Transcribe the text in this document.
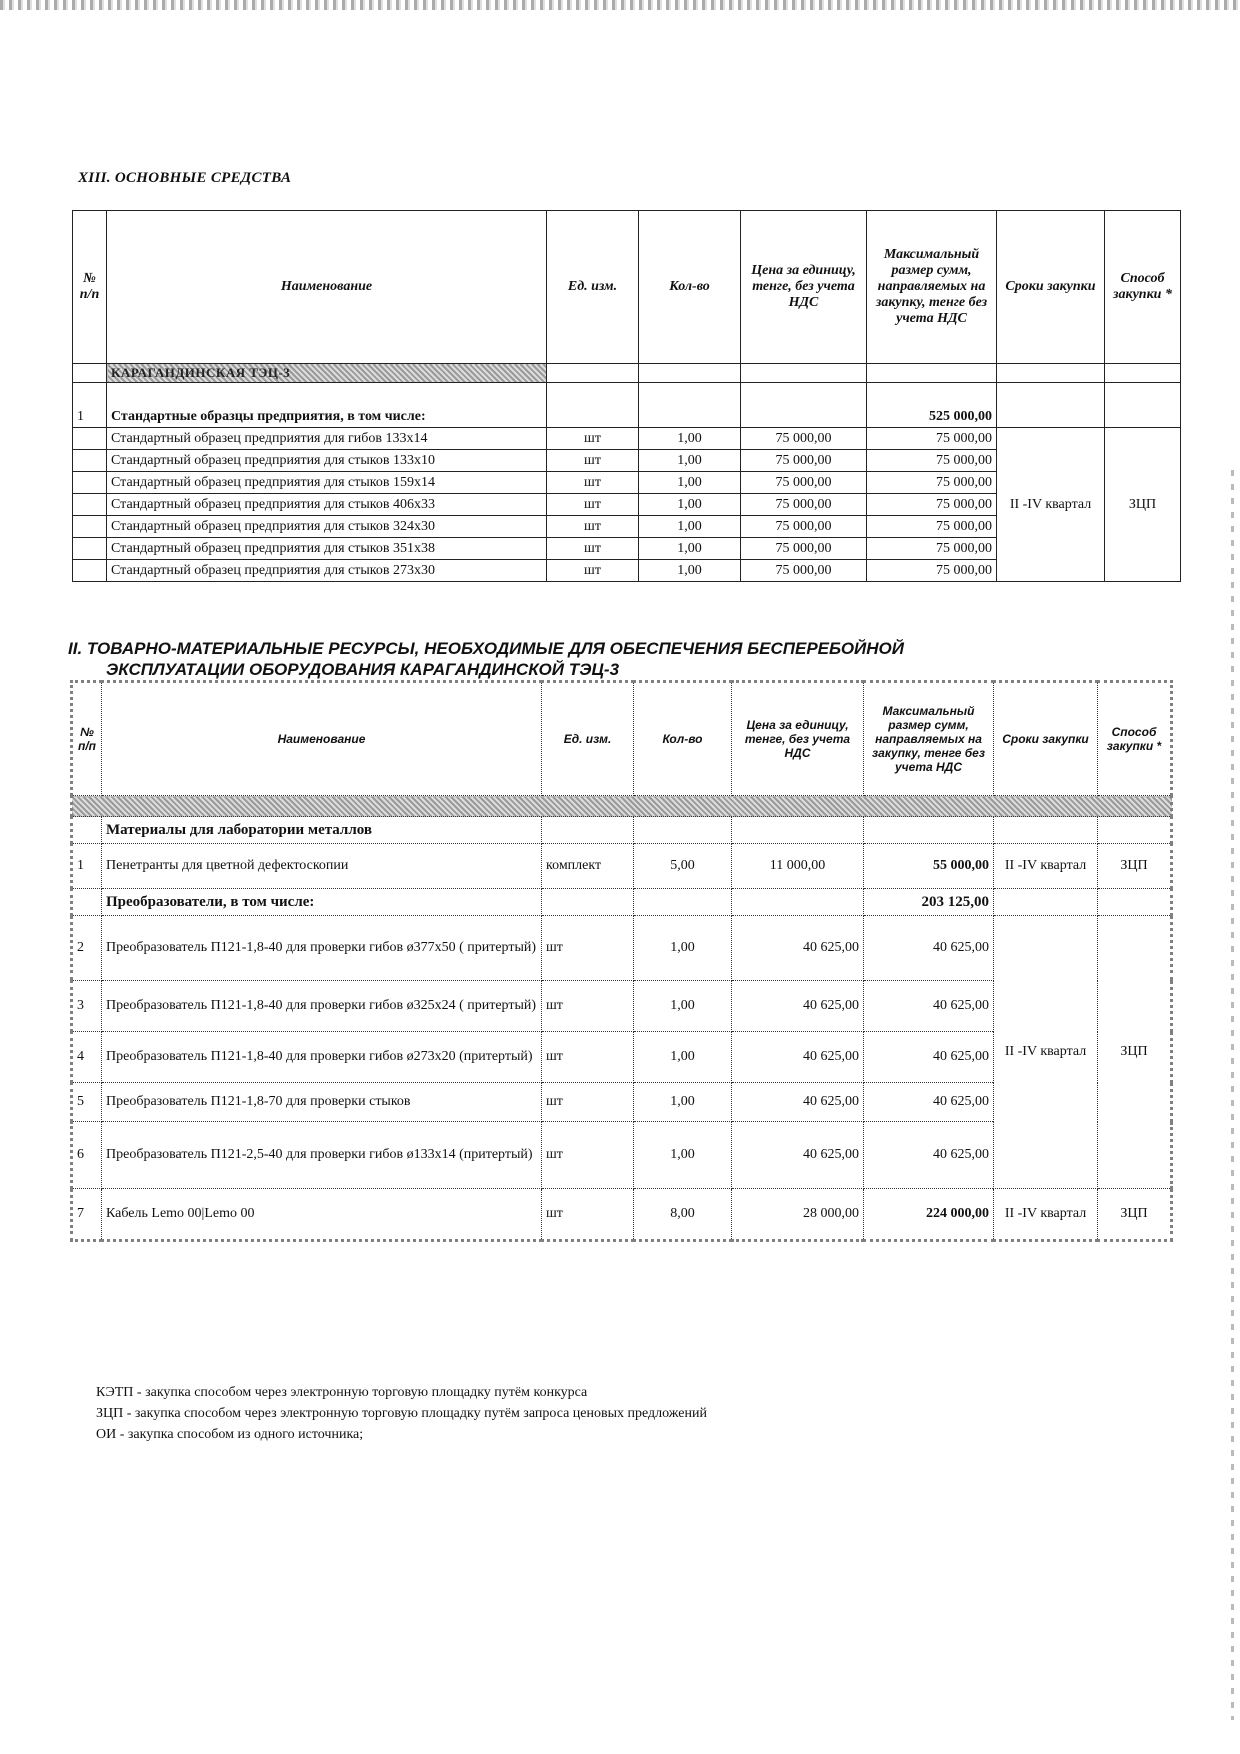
XIII. ОСНОВНЫЕ СРЕДСТВА
№ п/п	Наименование	Ед. изм.	Кол-во	Цена за единицу, тенге, без учета НДС	Максимальный размер сумм, направляемых на закупку, тенге без учета НДС	Сроки закупки	Способ закупки *
	КАРАГАНДИНСКАЯ ТЭЦ-3						
1	Стандартные образцы предприятия, в том числе:				525 000,00		
	Стандартный образец предприятия для гибов 133х14	шт	1,00	75 000,00	75 000,00	II -IV квартал	ЗЦП
	Стандартный образец предприятия для стыков 133х10	шт	1,00	75 000,00	75 000,00		
	Стандартный образец предприятия для стыков 159х14	шт	1,00	75 000,00	75 000,00		
	Стандартный образец предприятия для стыков 406х33	шт	1,00	75 000,00	75 000,00		
	Стандартный образец предприятия для стыков 324х30	шт	1,00	75 000,00	75 000,00		
	Стандартный образец предприятия для стыков 351х38	шт	1,00	75 000,00	75 000,00		
	Стандартный образец предприятия для стыков 273х30	шт	1,00	75 000,00	75 000,00		
II. ТОВАРНО-МАТЕРИАЛЬНЫЕ РЕСУРСЫ, НЕОБХОДИМЫЕ ДЛЯ ОБЕСПЕЧЕНИЯ БЕСПЕРЕБОЙНОЙ
ЭКСПЛУАТАЦИИ ОБОРУДОВАНИЯ КАРАГАНДИНСКОЙ ТЭЦ-3
№ п/п	Наименование	Ед. изм.	Кол-во	Цена за единицу, тенге, без учета НДС	Максимальный размер сумм, направляемых на закупку, тенге без учета НДС	Сроки закупки	Способ закупки *

	Материалы для лаборатории металлов						
1	Пенетранты для цветной дефектоскопии	комплект	5,00	11 000,00	55 000,00	II -IV квартал	ЗЦП
	Преобразователи, в том числе:				203 125,00		
2	Преобразователь П121-1,8-40 для проверки гибов ø377х50 ( притертый)	шт	1,00	40 625,00	40 625,00	II -IV квартал	ЗЦП
3	Преобразователь П121-1,8-40 для проверки гибов ø325х24 ( притертый)	шт	1,00	40 625,00	40 625,00		
4	Преобразователь П121-1,8-40 для проверки гибов ø273х20 (притертый)	шт	1,00	40 625,00	40 625,00		
5	Преобразователь П121-1,8-70 для проверки стыков	шт	1,00	40 625,00	40 625,00		
6	Преобразователь П121-2,5-40 для проверки гибов ø133х14 (притертый)	шт	1,00	40 625,00	40 625,00		
7	Кабель Lemo 00|Lemo 00	шт	8,00	28 000,00	224 000,00	II -IV квартал	ЗЦП
КЭТП - закупка способом через электронную торговую площадку путём конкурса
ЗЦП - закупка способом через электронную торговую площадку путём запроса ценовых предложений
ОИ - закупка способом из одного источника;
